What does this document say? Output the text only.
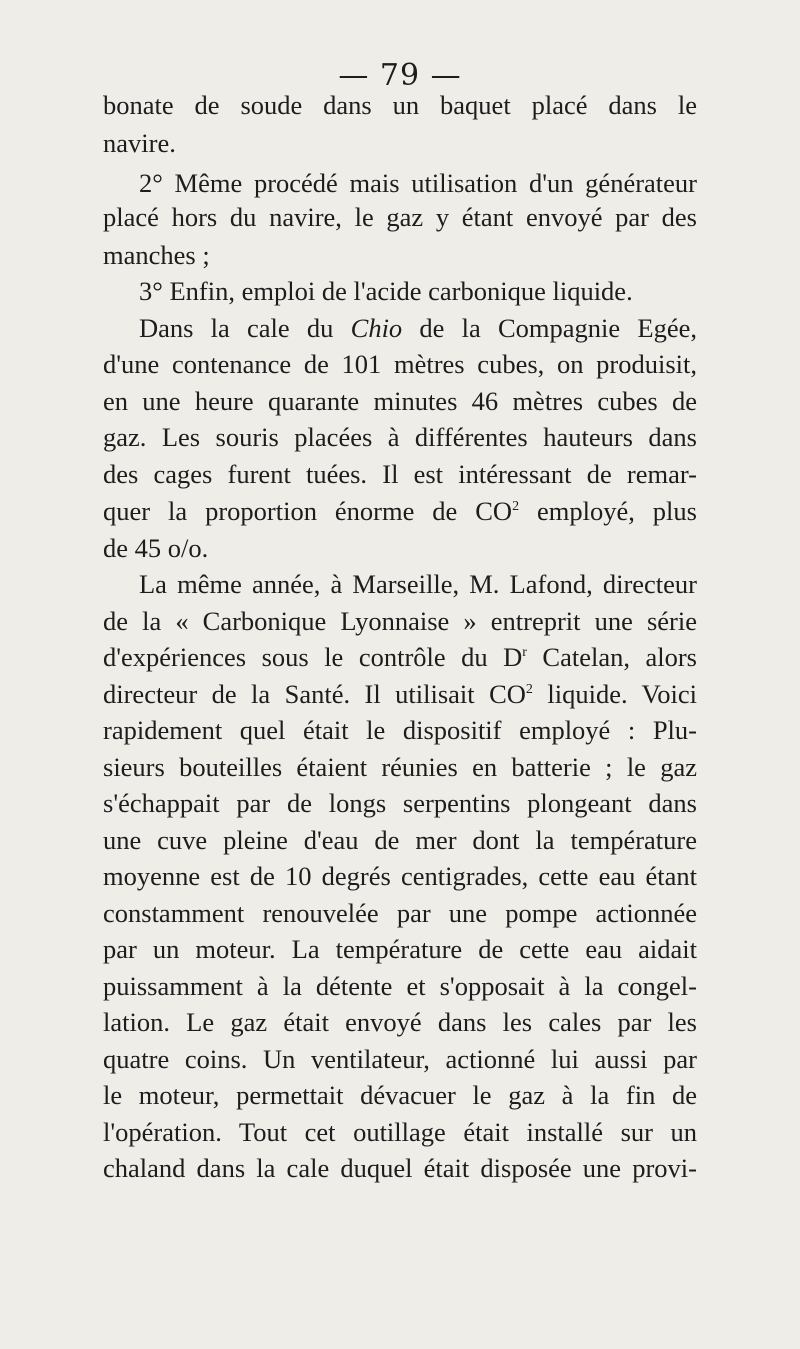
— 79 —
bonate de soude dans un baquet placé dans le
navire.
2° Même procédé mais utilisation d'un générateur
placé hors du navire, le gaz y étant envoyé par des
manches ;
3° Enfin, emploi de l'acide carbonique liquide.
Dans la cale du Chio de la Compagnie Egée,
d'une contenance de 101 mètres cubes, on produisit,
en une heure quarante minutes 46 mètres cubes de
gaz. Les souris placées à différentes hauteurs dans
des cages furent tuées. Il est intéressant de remar-
quer la proportion énorme de $CO^2$ employé, plus
de 45 o/o.
La même année, à Marseille, M. Lafond, directeur
de la « Carbonique Lyonnaise » entreprit une série
d'expériences sous le contrôle du $D^r$ Catelan, alors
directeur de la Santé. Il utilisait $CO^2$ liquide. Voici
rapidement quel était le dispositif employé : Plu-
sieurs bouteilles étaient réunies en batterie ; le gaz
s'échappait par de longs serpentins plongeant dans
une cuve pleine d'eau de mer dont la température
moyenne est de 10 degrés centigrades, cette eau étant
constamment renouvelée par une pompe actionnée
par un moteur. La température de cette eau aidait
puissamment à la détente et s'opposait à la congel-
lation. Le gaz était envoyé dans les cales par les
quatre coins. Un ventilateur, actionné lui aussi par
le moteur, permettait dévacuer le gaz à la fin de
l'opération. Tout cet outillage était installé sur un
chaland dans la cale duquel était disposée une provi-
